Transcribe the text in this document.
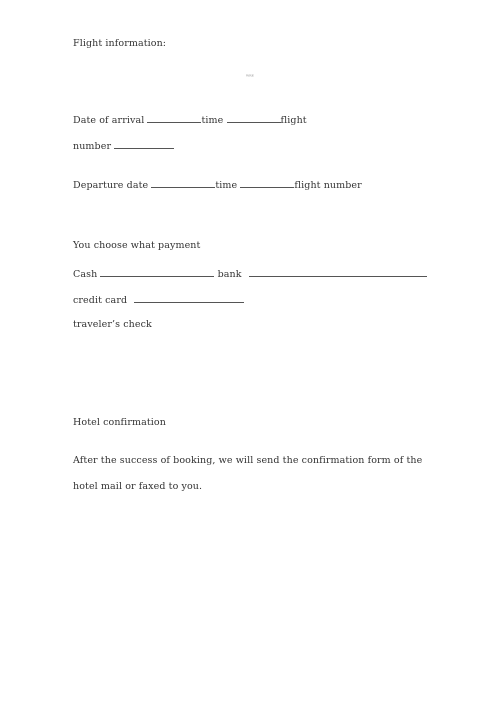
Flight information:
ᵂᴿᴱ
Date of arrival	time	flight
number
Departure date	time	flight number
You choose what payment
Cash	bank
credit card
traveler’s check
Hotel confirmation
After the success of booking, we will send the confirmation form of the
hotel mail or faxed to you.
